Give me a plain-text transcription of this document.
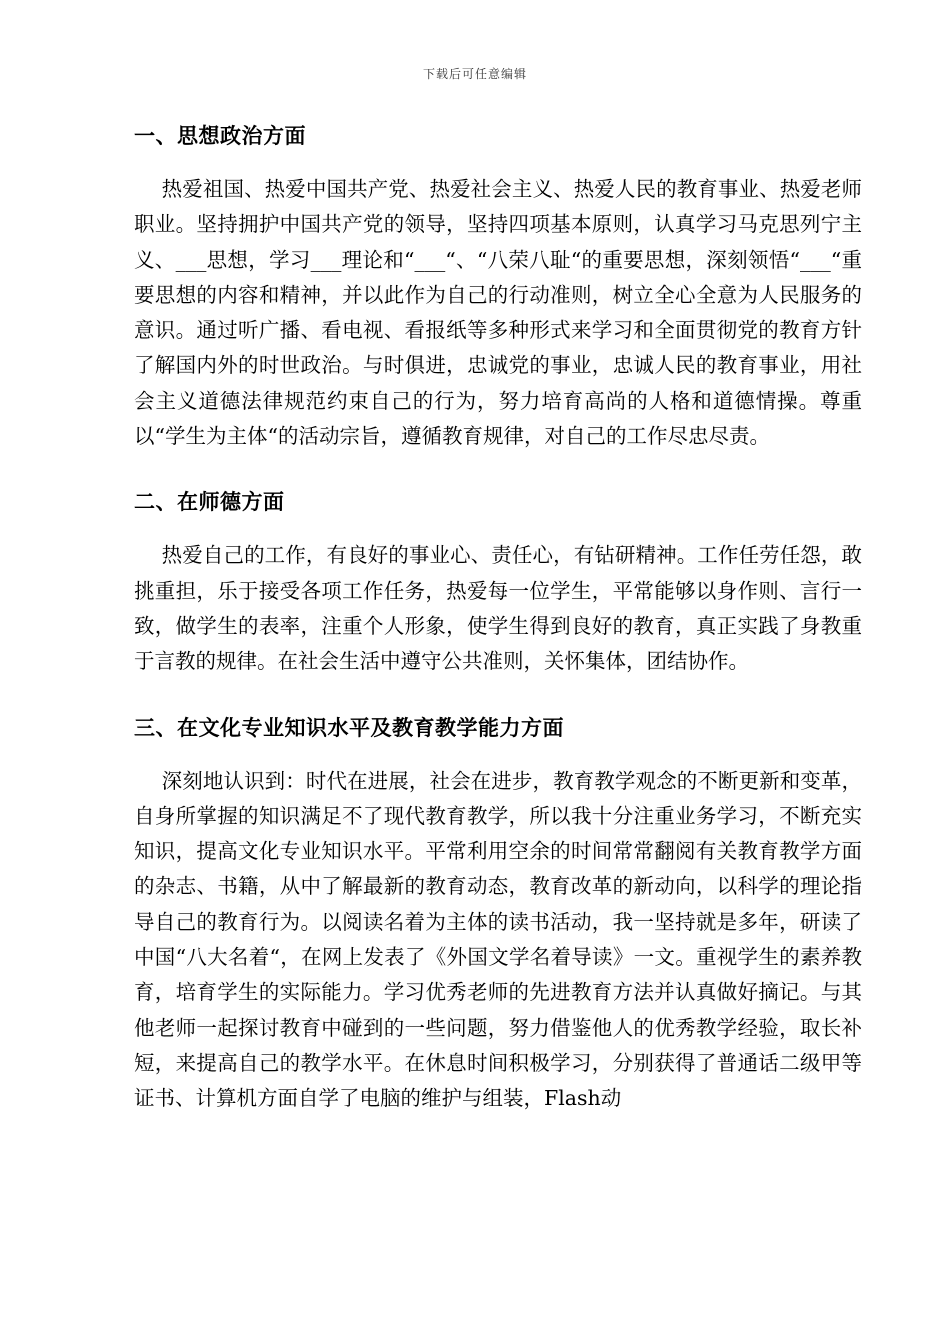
下载后可任意编辑
一、思想政治方面

热爱祖国、热爱中国共产党、热爱社会主义、热爱人民的教育事业、热爱老师职业。坚持拥护中国共产党的领导，坚持四项基本原则，认真学习马克思列宁主义、___思想，学习___理论和“___“、“八荣八耻“的重要思想，深刻领悟“___“重要思想的内容和精神，并以此作为自己的行动准则，树立全心全意为人民服务的意识。通过听广播、看电视、看报纸等多种形式来学习和全面贯彻党的教育方针了解国内外的时世政治。与时俱进，忠诚党的事业，忠诚人民的教育事业，用社会主义道德法律规范约束自己的行为，努力培育高尚的人格和道德情操。尊重以“学生为主体“的活动宗旨，遵循教育规律，对自己的工作尽忠尽责。

二、在师德方面

热爱自己的工作，有良好的事业心、责任心，有钻研精神。工作任劳任怨，敢挑重担，乐于接受各项工作任务，热爱每一位学生，平常能够以身作则、言行一致，做学生的表率，注重个人形象，使学生得到良好的教育，真正实践了身教重于言教的规律。在社会生活中遵守公共准则，关怀集体，团结协作。

三、在文化专业知识水平及教育教学能力方面

深刻地认识到：时代在进展，社会在进步，教育教学观念的不断更新和变革，自身所掌握的知识满足不了现代教育教学，所以我十分注重业务学习，不断充实知识，提高文化专业知识水平。平常利用空余的时间常常翻阅有关教育教学方面的杂志、书籍，从中了解最新的教育动态，教育改革的新动向，以科学的理论指导自己的教育行为。以阅读名着为主体的读书活动，我一坚持就是多年，研读了中国“八大名着“，在网上发表了《外国文学名着导读》一文。重视学生的素养教育，培育学生的实际能力。学习优秀老师的先进教育方法并认真做好摘记。与其他老师一起探讨教育中碰到的一些问题，努力借鉴他人的优秀教学经验，取长补短，来提高自己的教学水平。在休息时间积极学习，分别获得了普通话二级甲等证书、计算机方面自学了电脑的维护与组装，Flash动
